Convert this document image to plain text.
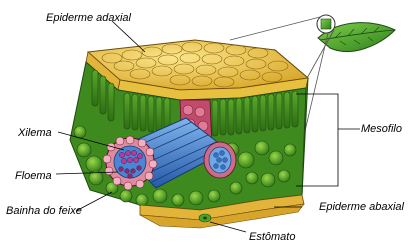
Epiderme adaxial
Xilema
Floema
Bainha do feixe
Estômato
Mesofilo
Epiderme abaxial
